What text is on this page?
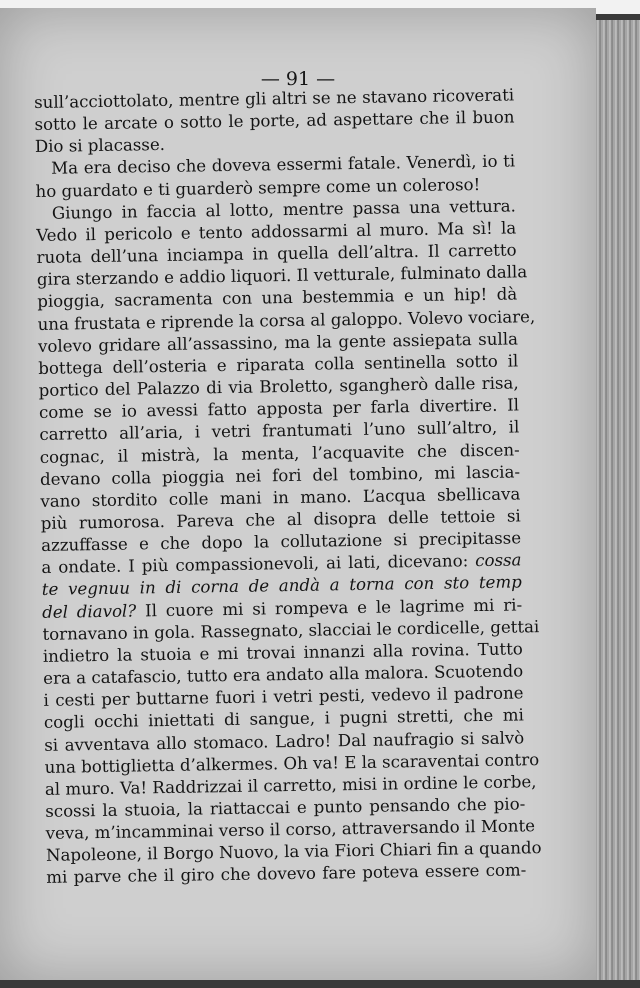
— 91 —
sull’acciottolato, mentre gli altri se ne stavano ricoverati
sotto le arcate o sotto le porte, ad aspettare che il buon
Dio si placasse.
Ma era deciso che doveva essermi fatale. Venerdì, io ti
ho guardato e ti guarderò sempre come un coleroso!
Giungo in faccia al lotto, mentre passa una vettura.
Vedo il pericolo e tento addossarmi al muro. Ma sì! la
ruota dell’una inciampa in quella dell’altra. Il carretto
gira sterzando e addio liquori. Il vetturale, fulminato dalla
pioggia, sacramenta con una bestemmia e un hip! dà
una frustata e riprende la corsa al galoppo. Volevo vociare,
volevo gridare all’assassino, ma la gente assiepata sulla
bottega dell’osteria e riparata colla sentinella sotto il
portico del Palazzo di via Broletto, sgangherò dalle risa,
come se io avessi fatto apposta per farla divertire. Il
carretto all’aria, i vetri frantumati l’uno sull’altro, il
cognac, il mistrà, la menta, l’acquavite che discen-
devano colla pioggia nei fori del tombino, mi lascia-
vano stordito colle mani in mano. L’acqua sbellicava
più rumorosa. Pareva che al disopra delle tettoie si
azzuffasse e che dopo la collutazione si precipitasse
a ondate. I più compassionevoli, ai lati, dicevano: cossa
te vegnuu in di corna de andà a torna con sto temp
del diavol? Il cuore mi si rompeva e le lagrime mi ri-
tornavano in gola. Rassegnato, slacciai le cordicelle, gettai
indietro la stuoia e mi trovai innanzi alla rovina. Tutto
era a catafascio, tutto era andato alla malora. Scuotendo
i cesti per buttarne fuori i vetri pesti, vedevo il padrone
cogli occhi iniettati di sangue, i pugni stretti, che mi
si avventava allo stomaco. Ladro! Dal naufragio si salvò
una bottiglietta d’alkermes. Oh va! E la scaraventai contro
al muro. Va! Raddrizzai il carretto, misi in ordine le corbe,
scossi la stuoia, la riattaccai e punto pensando che pio-
veva, m’incamminai verso il corso, attraversando il Monte
Napoleone, il Borgo Nuovo, la via Fiori Chiari fin a quando
mi parve che il giro che dovevo fare poteva essere com-
